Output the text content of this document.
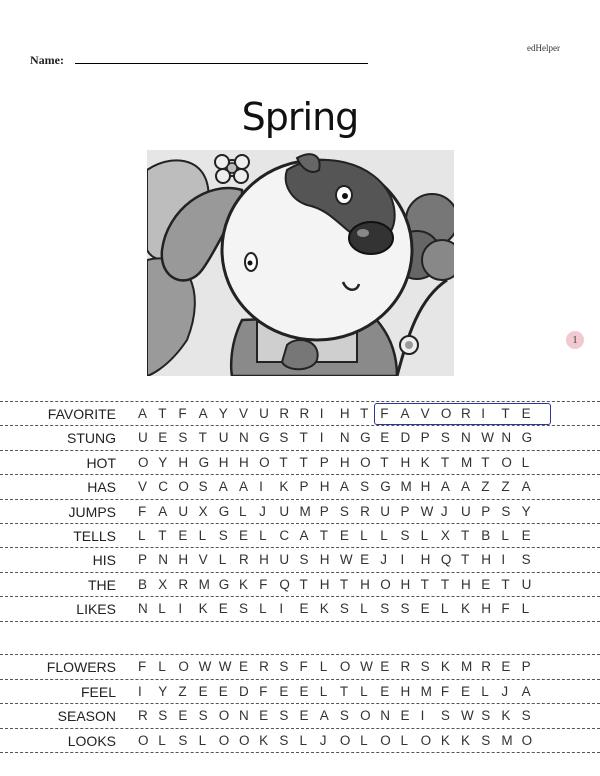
edHelper
Name:
Spring
1
FAVORITE A T F A Y V U R R I H T F A V O R I T E
STUNG U E S T U N G S T I N G E D P S N W N G
HOT O Y H G H H O T T P H O T H K T M T O L
HAS V C O S A A I K P H A S G M H A A Z Z A
JUMPS F A U X G L J U M P S R U P W J U P S Y
TELLS L T E L S E L C A T E L L S L X T B L E
HIS P N H V L R H U S H W E J I H Q T H I S
THE B X R M G K F Q T H T H O H T T H E T U
LIKES N L I K E S L I E K S L S S E L K H F L
FLOWERS F L O W W E R S F L O W E R S K M R E P
FEEL I Y Z E E D F E E L T L E H M F E L J A
SEASON R S E S O N E S E A S O N E I S W S K S
LOOKS O L S L O O K S L J O L O L O K K S M O
